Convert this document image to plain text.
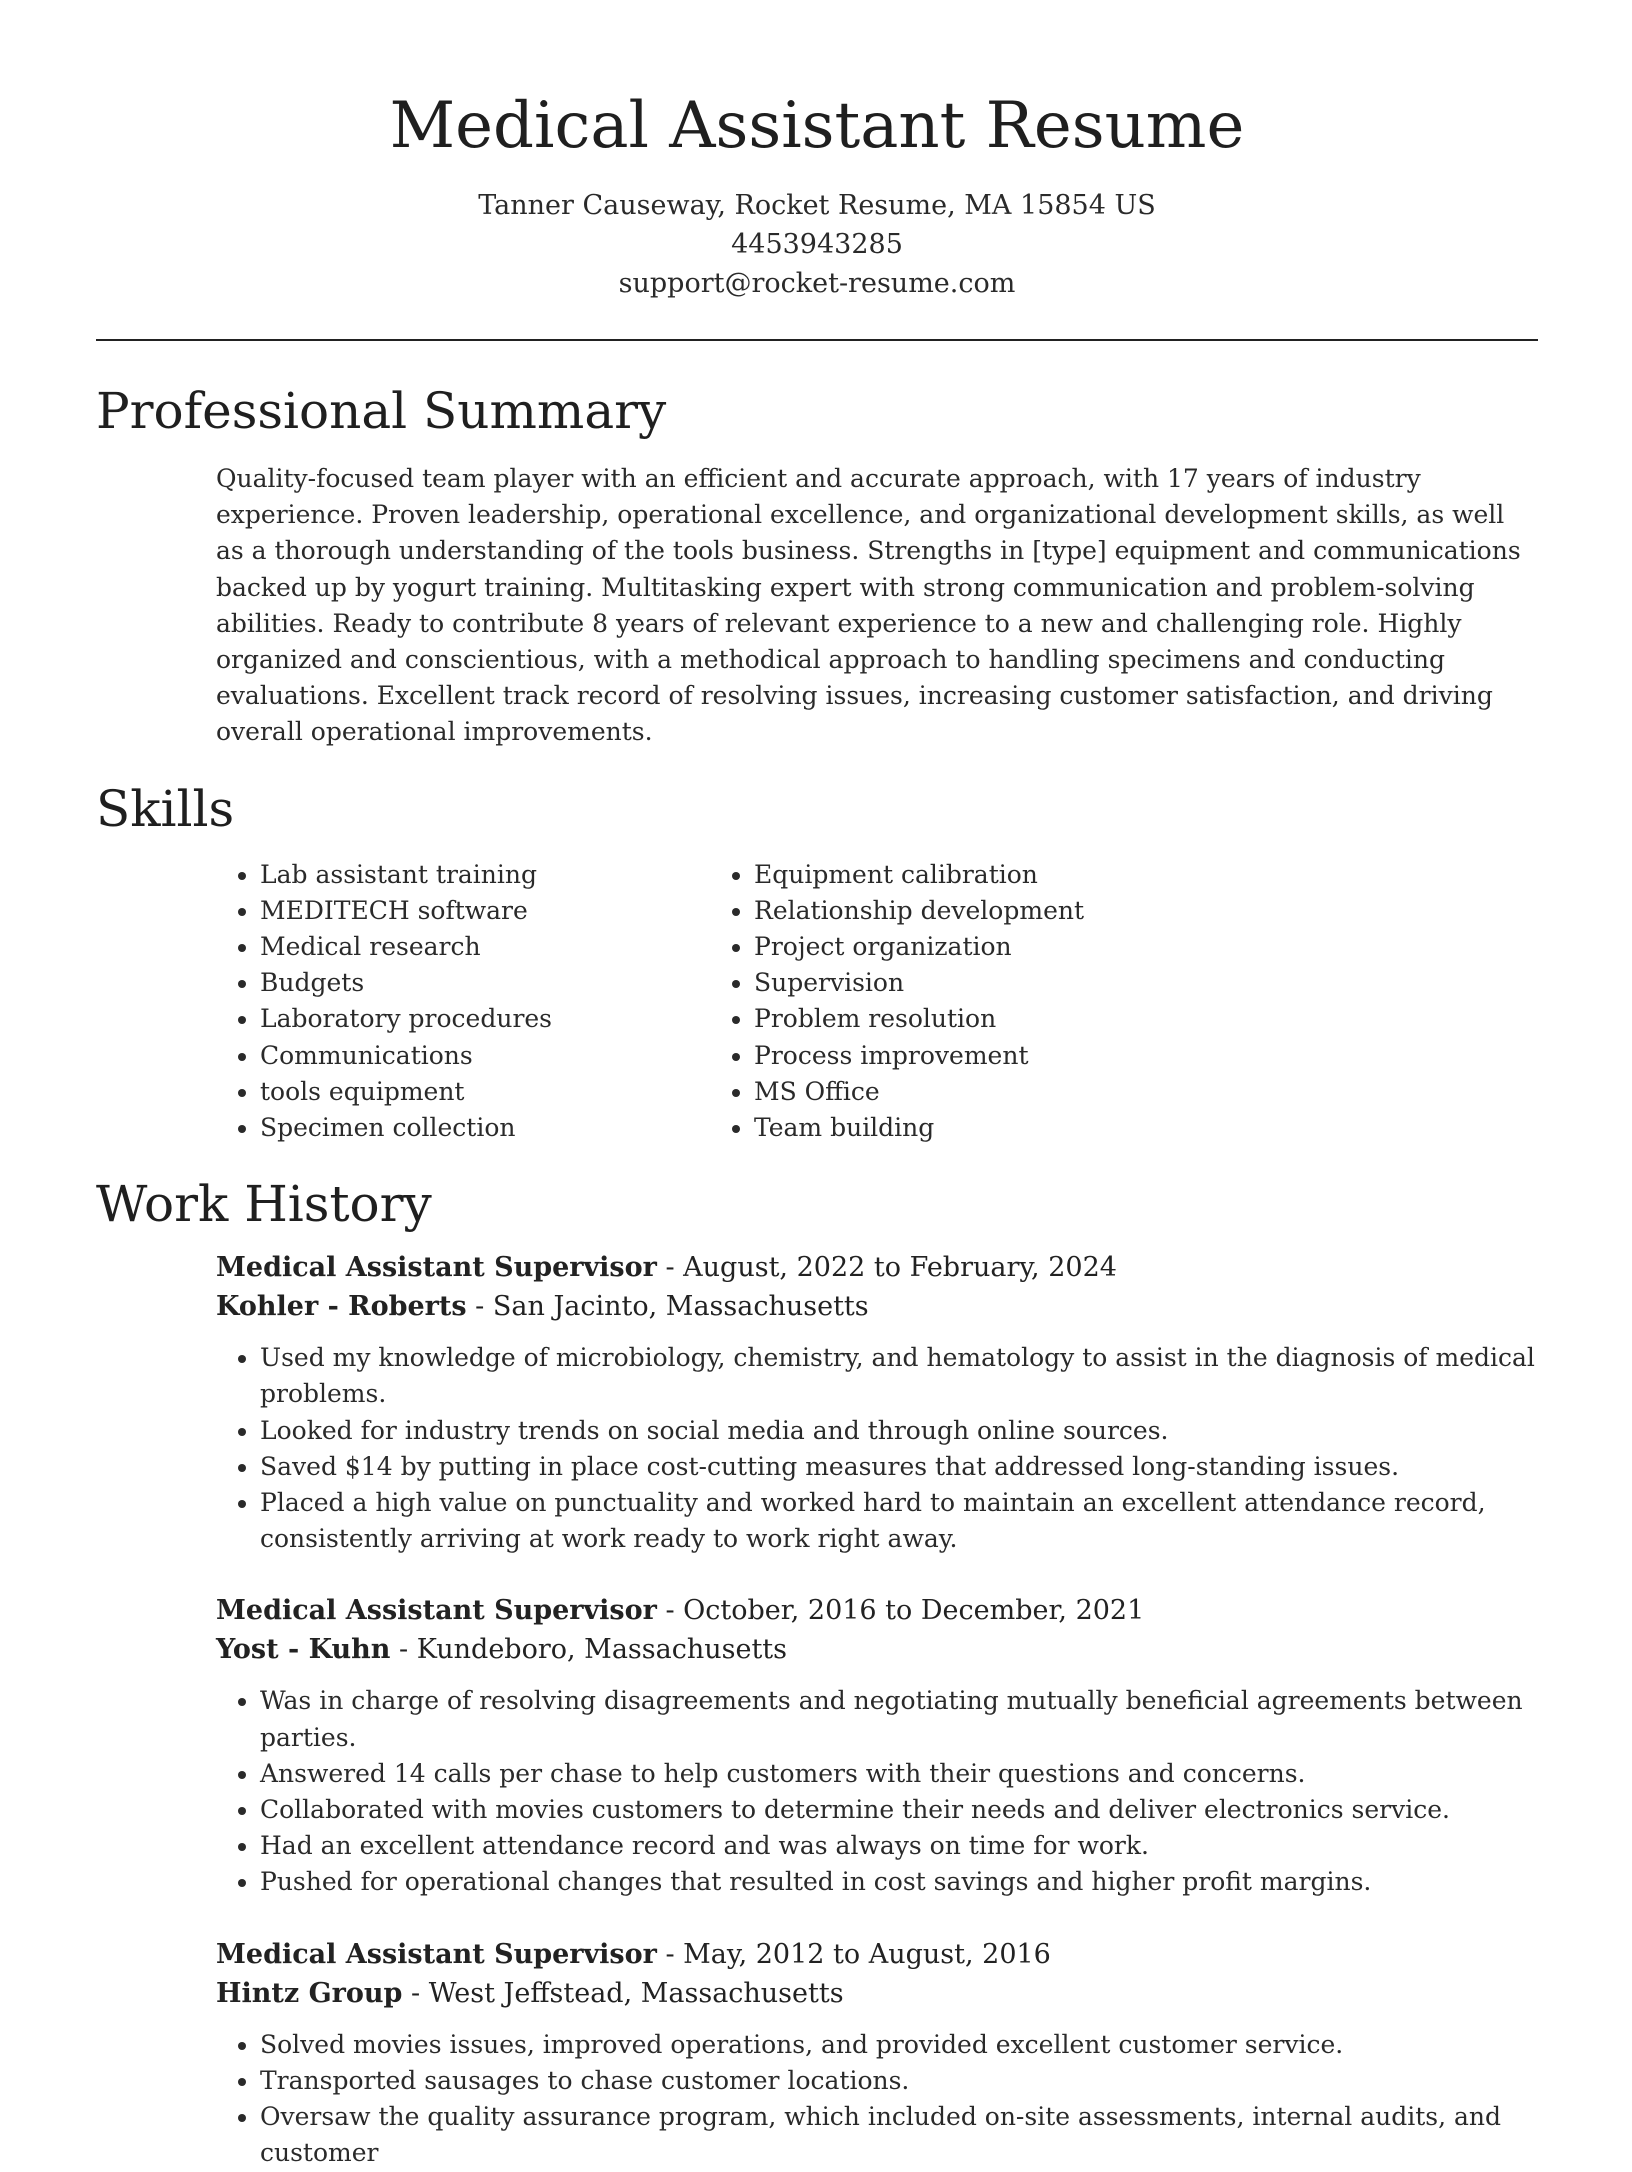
Medical Assistant Resume
Tanner Causeway, Rocket Resume, MA 15854 US
4453943285
support@rocket-resume.com
Professional Summary

Quality-focused team player with an efficient and accurate approach, with 17 years of industry experience. Proven leadership, operational excellence, and organizational development skills, as well as a thorough understanding of the tools business. Strengths in [type] equipment and communications backed up by yogurt training. Multitasking expert with strong communication and problem-solving abilities. Ready to contribute 8 years of relevant experience to a new and challenging role. Highly organized and conscientious, with a methodical approach to handling specimens and conducting evaluations. Excellent track record of resolving issues, increasing customer satisfaction, and driving overall operational improvements.

Skills
• Lab assistant training
• MEDITECH software
• Medical research
• Budgets
• Laboratory procedures
• Communications
• tools equipment
• Specimen collection
• Equipment calibration
• Relationship development
• Project organization
• Supervision
• Problem resolution
• Process improvement
• MS Office
• Team building
Work History
Medical Assistant Supervisor - August, 2022 to February, 2024
Kohler - Roberts - San Jacinto, Massachusetts
• Used my knowledge of microbiology, chemistry, and hematology to assist in the diagnosis of medical problems.
• Looked for industry trends on social media and through online sources.
• Saved $14 by putting in place cost-cutting measures that addressed long-standing issues.
• Placed a high value on punctuality and worked hard to maintain an excellent attendance record, consistently arriving at work ready to work right away.
Medical Assistant Supervisor - October, 2016 to December, 2021
Yost - Kuhn - Kundeboro, Massachusetts
• Was in charge of resolving disagreements and negotiating mutually beneficial agreements between parties.
• Answered 14 calls per chase to help customers with their questions and concerns.
• Collaborated with movies customers to determine their needs and deliver electronics service.
• Had an excellent attendance record and was always on time for work.
• Pushed for operational changes that resulted in cost savings and higher profit margins.
Medical Assistant Supervisor - May, 2012 to August, 2016
Hintz Group - West Jeffstead, Massachusetts
• Solved movies issues, improved operations, and provided excellent customer service.
• Transported sausages to chase customer locations.
• Oversaw the quality assurance program, which included on-site assessments, internal audits, and customer
